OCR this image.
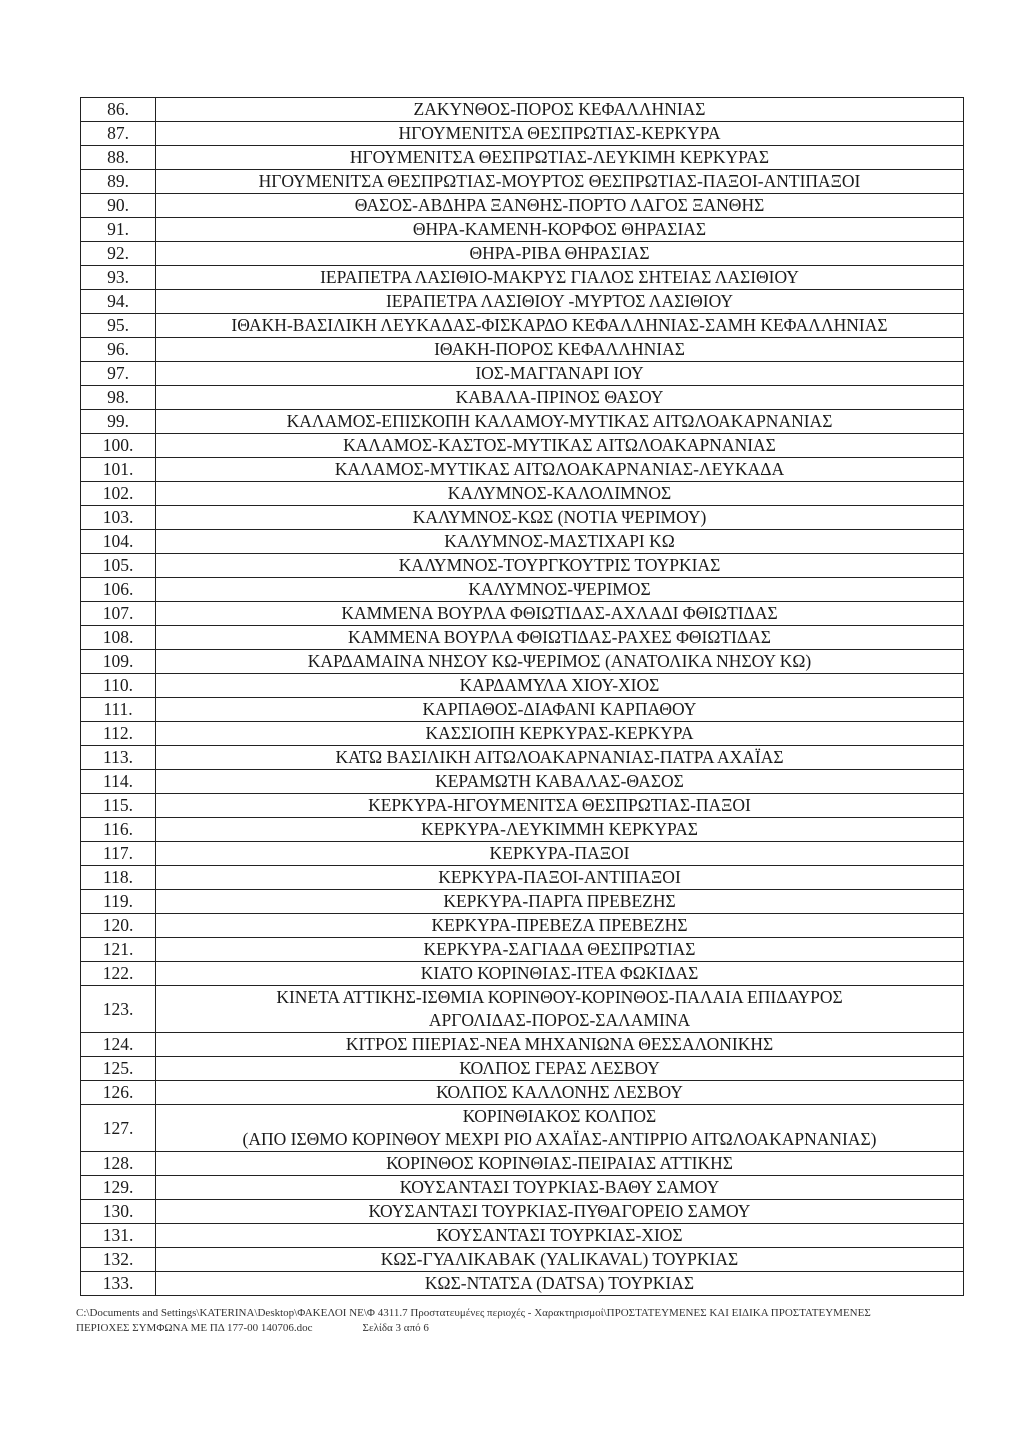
86.	ΖΑΚΥΝΘΟΣ-ΠΟΡΟΣ ΚΕΦΑΛΛΗΝΙΑΣ

87.	ΗΓΟΥΜΕΝΙΤΣΑ ΘΕΣΠΡΩΤΙΑΣ-ΚΕΡΚΥΡΑ

88.	ΗΓΟΥΜΕΝΙΤΣΑ ΘΕΣΠΡΩΤΙΑΣ-ΛΕΥΚΙΜΗ ΚΕΡΚΥΡΑΣ

89.	ΗΓΟΥΜΕΝΙΤΣΑ ΘΕΣΠΡΩΤΙΑΣ-ΜΟΥΡΤΟΣ ΘΕΣΠΡΩΤΙΑΣ-ΠΑΞΟΙ-ΑΝΤΙΠΑΞΟΙ

90.	ΘΑΣΟΣ-ΑΒΔΗΡΑ ΞΑΝΘΗΣ-ΠΟΡΤΟ ΛΑΓΟΣ ΞΑΝΘΗΣ

91.	ΘΗΡΑ-ΚΑΜΕΝΗ-ΚΟΡΦΟΣ ΘΗΡΑΣΙΑΣ

92.	ΘΗΡΑ-ΡΙΒΑ ΘΗΡΑΣΙΑΣ

93.	ΙΕΡΑΠΕΤΡΑ ΛΑΣΙΘΙΟ-ΜΑΚΡΥΣ ΓΙΑΛΟΣ ΣΗΤΕΙΑΣ ΛΑΣΙΘΙΟΥ

94.	ΙΕΡΑΠΕΤΡΑ ΛΑΣΙΘΙΟΥ -ΜΥΡΤΟΣ ΛΑΣΙΘΙΟΥ

95.	ΙΘΑΚΗ-ΒΑΣΙΛΙΚΗ ΛΕΥΚΑΔΑΣ-ΦΙΣΚΑΡΔΟ ΚΕΦΑΛΛΗΝΙΑΣ-ΣΑΜΗ ΚΕΦΑΛΛΗΝΙΑΣ

96.	ΙΘΑΚΗ-ΠΟΡΟΣ ΚΕΦΑΛΛΗΝΙΑΣ

97.	ΙΟΣ-ΜΑΓΓΑΝΑΡΙ ΙΟΥ

98.	ΚΑΒΑΛΑ-ΠΡΙΝΟΣ ΘΑΣΟΥ

99.	ΚΑΛΑΜΟΣ-ΕΠΙΣΚΟΠΗ ΚΑΛΑΜΟΥ-ΜΥΤΙΚΑΣ ΑΙΤΩΛΟΑΚΑΡΝΑΝΙΑΣ

100.	ΚΑΛΑΜΟΣ-ΚΑΣΤΟΣ-ΜΥΤΙΚΑΣ ΑΙΤΩΛΟΑΚΑΡΝΑΝΙΑΣ

101.	ΚΑΛΑΜΟΣ-ΜΥΤΙΚΑΣ ΑΙΤΩΛΟΑΚΑΡΝΑΝΙΑΣ-ΛΕΥΚΑΔΑ

102.	ΚΑΛΥΜΝΟΣ-ΚΑΛΟΛΙΜΝΟΣ

103.	ΚΑΛΥΜΝΟΣ-ΚΩΣ (ΝΟΤΙΑ ΨΕΡΙΜΟΥ)

104.	ΚΑΛΥΜΝΟΣ-ΜΑΣΤΙΧΑΡΙ ΚΩ

105.	ΚΑΛΥΜΝΟΣ-ΤΟΥΡΓΚΟΥΤΡΙΣ ΤΟΥΡΚΙΑΣ

106.	ΚΑΛΥΜΝΟΣ-ΨΕΡΙΜΟΣ

107.	ΚΑΜΜΕΝΑ ΒΟΥΡΛΑ ΦΘΙΩΤΙΔΑΣ-ΑΧΛΑΔΙ ΦΘΙΩΤΙΔΑΣ

108.	ΚΑΜΜΕΝΑ ΒΟΥΡΛΑ ΦΘΙΩΤΙΔΑΣ-ΡΑΧΕΣ ΦΘΙΩΤΙΔΑΣ

109.	ΚΑΡΔΑΜΑΙΝΑ ΝΗΣΟΥ ΚΩ-ΨΕΡΙΜΟΣ (ΑΝΑΤΟΛΙΚΑ ΝΗΣΟΥ ΚΩ)

110.	ΚΑΡΔΑΜΥΛΑ ΧΙΟΥ-ΧΙΟΣ

111.	ΚΑΡΠΑΘΟΣ-ΔΙΑΦΑΝΙ ΚΑΡΠΑΘΟΥ

112.	ΚΑΣΣΙΟΠΗ ΚΕΡΚΥΡΑΣ-ΚΕΡΚΥΡΑ

113.	ΚΑΤΩ ΒΑΣΙΛΙΚΗ ΑΙΤΩΛΟΑΚΑΡΝΑΝΙΑΣ-ΠΑΤΡΑ ΑΧΑΪΑΣ

114.	ΚΕΡΑΜΩΤΗ ΚΑΒΑΛΑΣ-ΘΑΣΟΣ

115.	ΚΕΡΚΥΡΑ-ΗΓΟΥΜΕΝΙΤΣΑ ΘΕΣΠΡΩΤΙΑΣ-ΠΑΞΟΙ

116.	ΚΕΡΚΥΡΑ-ΛΕΥΚΙΜΜΗ ΚΕΡΚΥΡΑΣ

117.	ΚΕΡΚΥΡΑ-ΠΑΞΟΙ

118.	ΚΕΡΚΥΡΑ-ΠΑΞΟΙ-ΑΝΤΙΠΑΞΟΙ

119.	ΚΕΡΚΥΡΑ-ΠΑΡΓΑ ΠΡΕΒΕΖΗΣ

120.	ΚΕΡΚΥΡΑ-ΠΡΕΒΕΖΑ ΠΡΕΒΕΖΗΣ

121.	ΚΕΡΚΥΡΑ-ΣΑΓΙΑΔΑ ΘΕΣΠΡΩΤΙΑΣ

122.	ΚΙΑΤΟ ΚΟΡΙΝΘΙΑΣ-ΙΤΕΑ ΦΩΚΙΔΑΣ

123.	ΚΙΝΕΤΑ ΑΤΤΙΚΗΣ-ΙΣΘΜΙΑ ΚΟΡΙΝΘΟΥ-ΚΟΡΙΝΘΟΣ-ΠΑΛΑΙΑ ΕΠΙΔΑΥΡΟΣ
ΑΡΓΟΛΙΔΑΣ-ΠΟΡΟΣ-ΣΑΛΑΜΙΝΑ

124.	ΚΙΤΡΟΣ ΠΙΕΡΙΑΣ-ΝΕΑ ΜΗΧΑΝΙΩΝΑ ΘΕΣΣΑΛΟΝΙΚΗΣ

125.	ΚΟΛΠΟΣ ΓΕΡΑΣ ΛΕΣΒΟΥ

126.	ΚΟΛΠΟΣ ΚΑΛΛΟΝΗΣ ΛΕΣΒΟΥ

127.	ΚΟΡΙΝΘΙΑΚΟΣ ΚΟΛΠΟΣ
(ΑΠΟ ΙΣΘΜΟ ΚΟΡΙΝΘΟΥ ΜΕΧΡΙ ΡΙΟ ΑΧΑΪΑΣ-ΑΝΤΙΡΡΙΟ ΑΙΤΩΛΟΑΚΑΡΝΑΝΙΑΣ)

128.	ΚΟΡΙΝΘΟΣ ΚΟΡΙΝΘΙΑΣ-ΠΕΙΡΑΙΑΣ ΑΤΤΙΚΗΣ

129.	ΚΟΥΣΑΝΤΑΣΙ ΤΟΥΡΚΙΑΣ-ΒΑΘΥ ΣΑΜΟΥ

130.	ΚΟΥΣΑΝΤΑΣΙ ΤΟΥΡΚΙΑΣ-ΠΥΘΑΓΟΡΕΙΟ ΣΑΜΟΥ

131.	ΚΟΥΣΑΝΤΑΣΙ ΤΟΥΡΚΙΑΣ-ΧΙΟΣ

132.	ΚΩΣ-ΓΥΑΛΙΚΑΒΑΚ (YALIKAVAL) ΤΟΥΡΚΙΑΣ

133.	ΚΩΣ-ΝΤΑΤΣΑ (DATSA) ΤΟΥΡΚΙΑΣ
C:\Documents and Settings\KATERINA\Desktop\ΦΑΚΕΛΟΙ ΝΕ\Φ 4311.7 Προστατευμένες περιοχές - Χαρακτηρισμοί\ΠΡΟΣΤΑΤΕΥΜΕΝΕΣ ΚΑΙ ΕΙΔΙΚΑ ΠΡΟΣΤΑΤΕΥΜΕΝΕΣ
ΠΕΡΙΟΧΕΣ ΣΥΜΦΩΝΑ ΜΕ ΠΔ 177-00 140706.doc	Σελίδα 3 από 6
